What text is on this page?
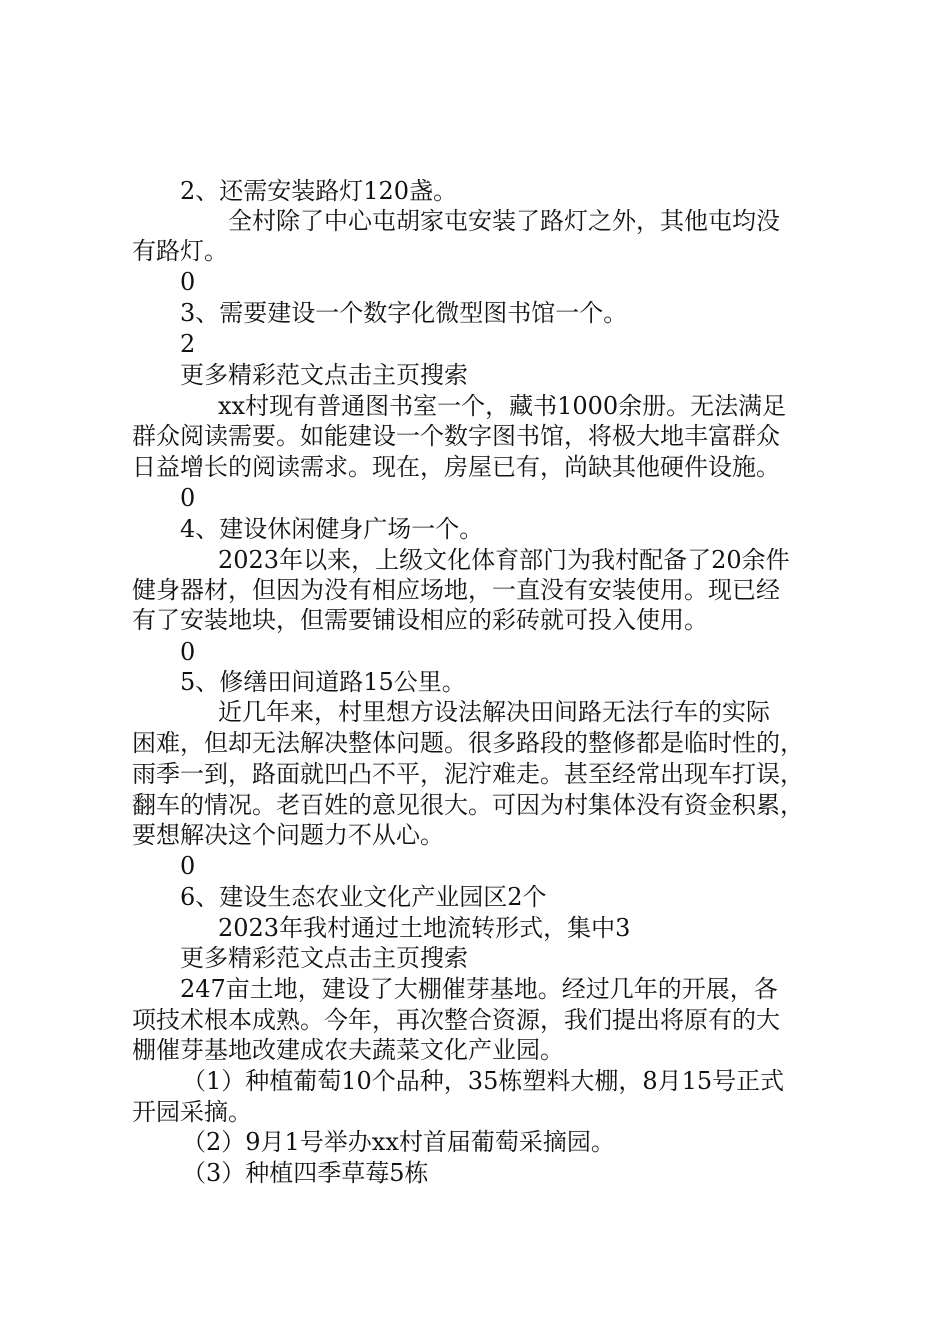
2、还需安装路灯120盏。
全村除了中心屯胡家屯安装了路灯之外，其他屯均没
有路灯。
0
3、需要建设一个数字化微型图书馆一个。
2
更多精彩范文点击主页搜索
xx村现有普通图书室一个，藏书1000余册。无法满足
群众阅读需要。如能建设一个数字图书馆，将极大地丰富群众
日益增长的阅读需求。现在，房屋已有，尚缺其他硬件设施。
0
4、建设休闲健身广场一个。
2023年以来，上级文化体育部门为我村配备了20余件
健身器材，但因为没有相应场地，一直没有安装使用。现已经
有了安装地块，但需要铺设相应的彩砖就可投入使用。
0
5、修缮田间道路15公里。
近几年来，村里想方设法解决田间路无法行车的实际
困难，但却无法解决整体问题。很多路段的整修都是临时性的，
雨季一到，路面就凹凸不平，泥泞难走。甚至经常出现车打误，
翻车的情况。老百姓的意见很大。可因为村集体没有资金积累，
要想解决这个问题力不从心。
0
6、建设生态农业文化产业园区2个
2023年我村通过土地流转形式，集中3
更多精彩范文点击主页搜索
247亩土地，建设了大棚催芽基地。经过几年的开展，各
项技术根本成熟。今年，再次整合资源，我们提出将原有的大
棚催芽基地改建成农夫蔬菜文化产业园。
（1）种植葡萄10个品种，35栋塑料大棚，8月15号正式
开园采摘。
（2）9月1号举办xx村首届葡萄采摘园。
（3）种植四季草莓5栋
